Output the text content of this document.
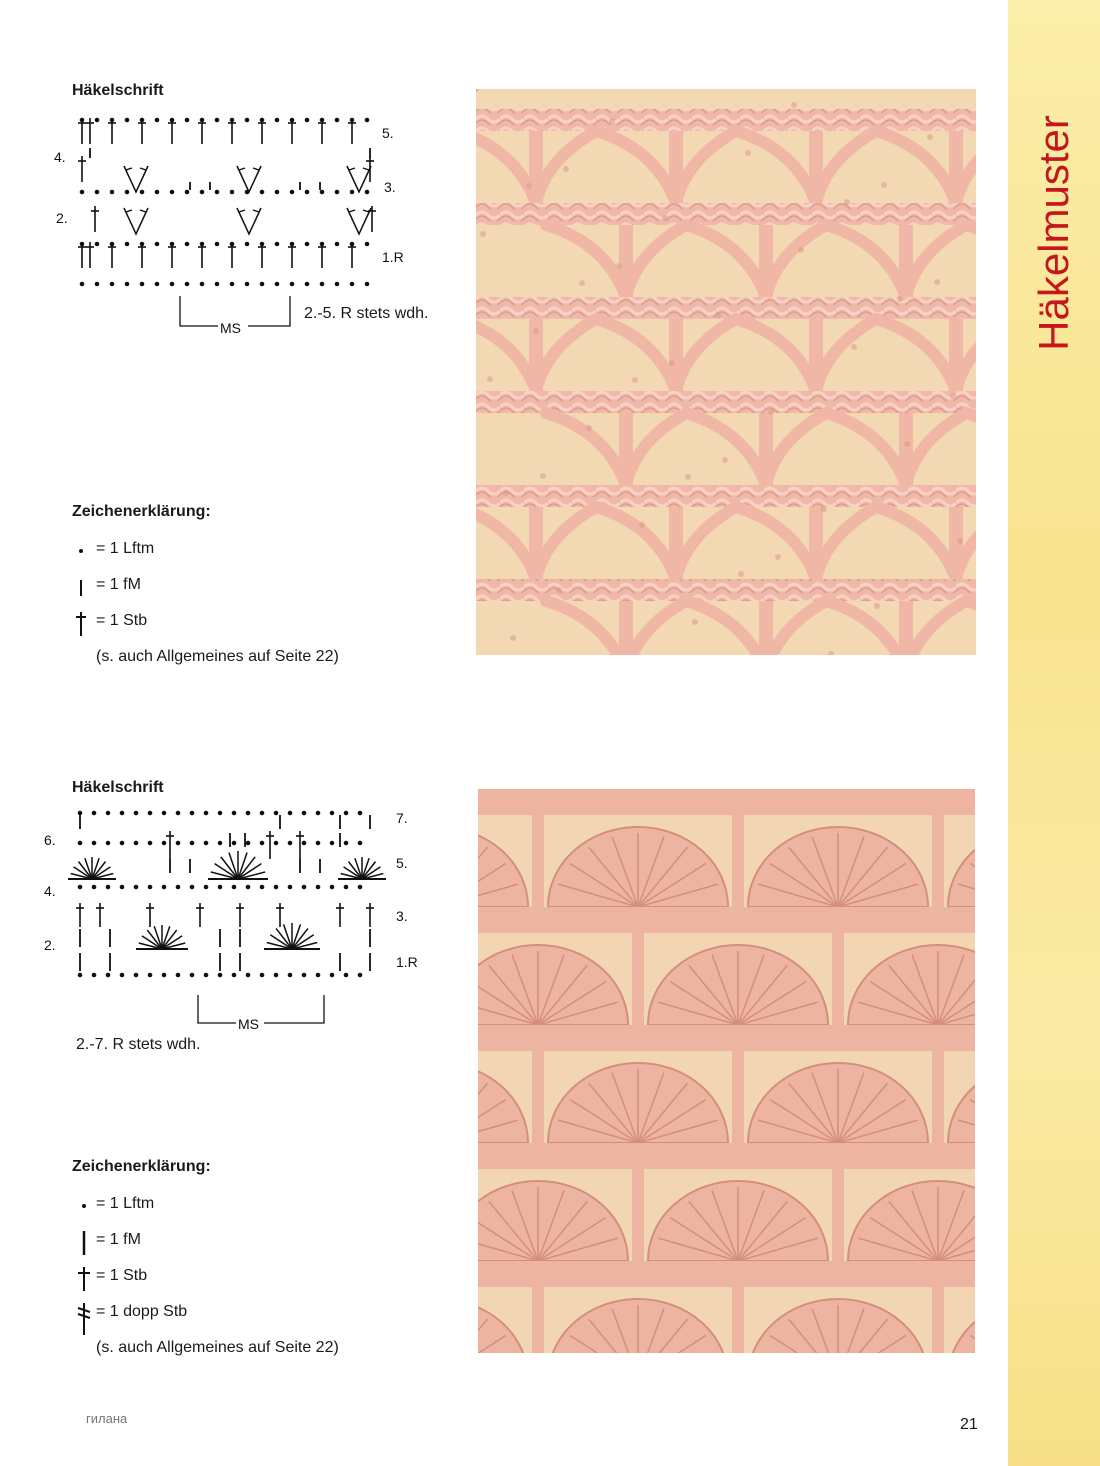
Häkelmuster
Häkelschrift
5.
4.
3.
2.
1.R
MS
2.-5. R stets wdh.
Zeichenerklärung:
= 1 Lftm
= 1 fM
= 1 Stb
(s. auch Allgemeines auf Seite 22)
Häkelschrift
7.
6.
5.
4.
3.
2.
1.R
MS
2.-7. R stets wdh.
Zeichenerklärung:
= 1 Lftm
= 1 fM
= 1 Stb
= 1 dopp Stb
(s. auch Allgemeines auf Seite 22)
гилана	21
